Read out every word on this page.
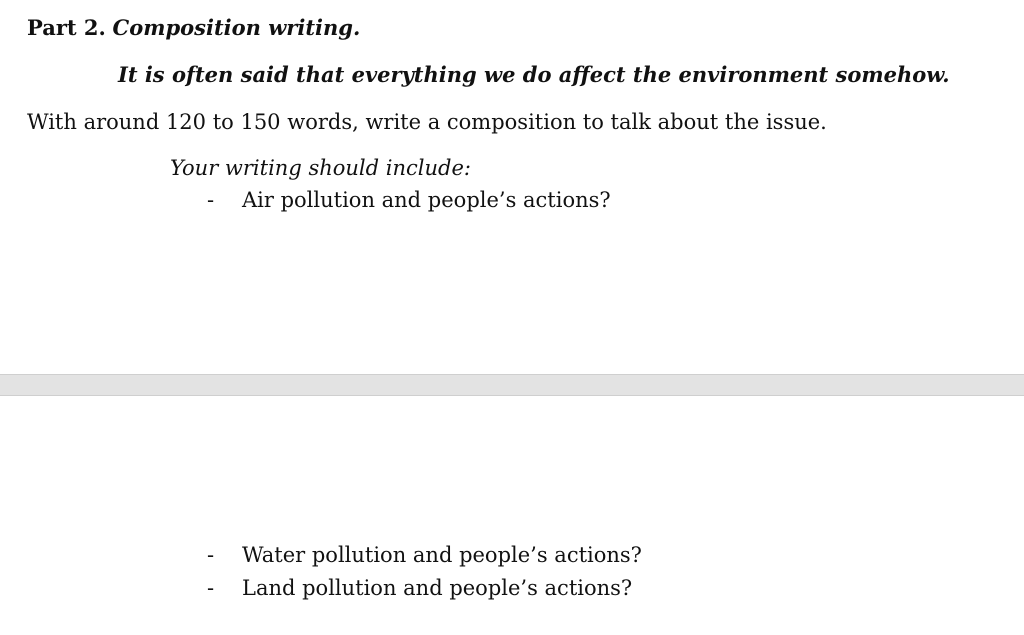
Part 2. Composition writing.
It is often said that everything we do affect the environment somehow.
With around 120 to 150 words, write a composition to talk about the issue.
Your writing should include:
- Air pollution and people’s actions?
- Water pollution and people’s actions?
- Land pollution and people’s actions?
